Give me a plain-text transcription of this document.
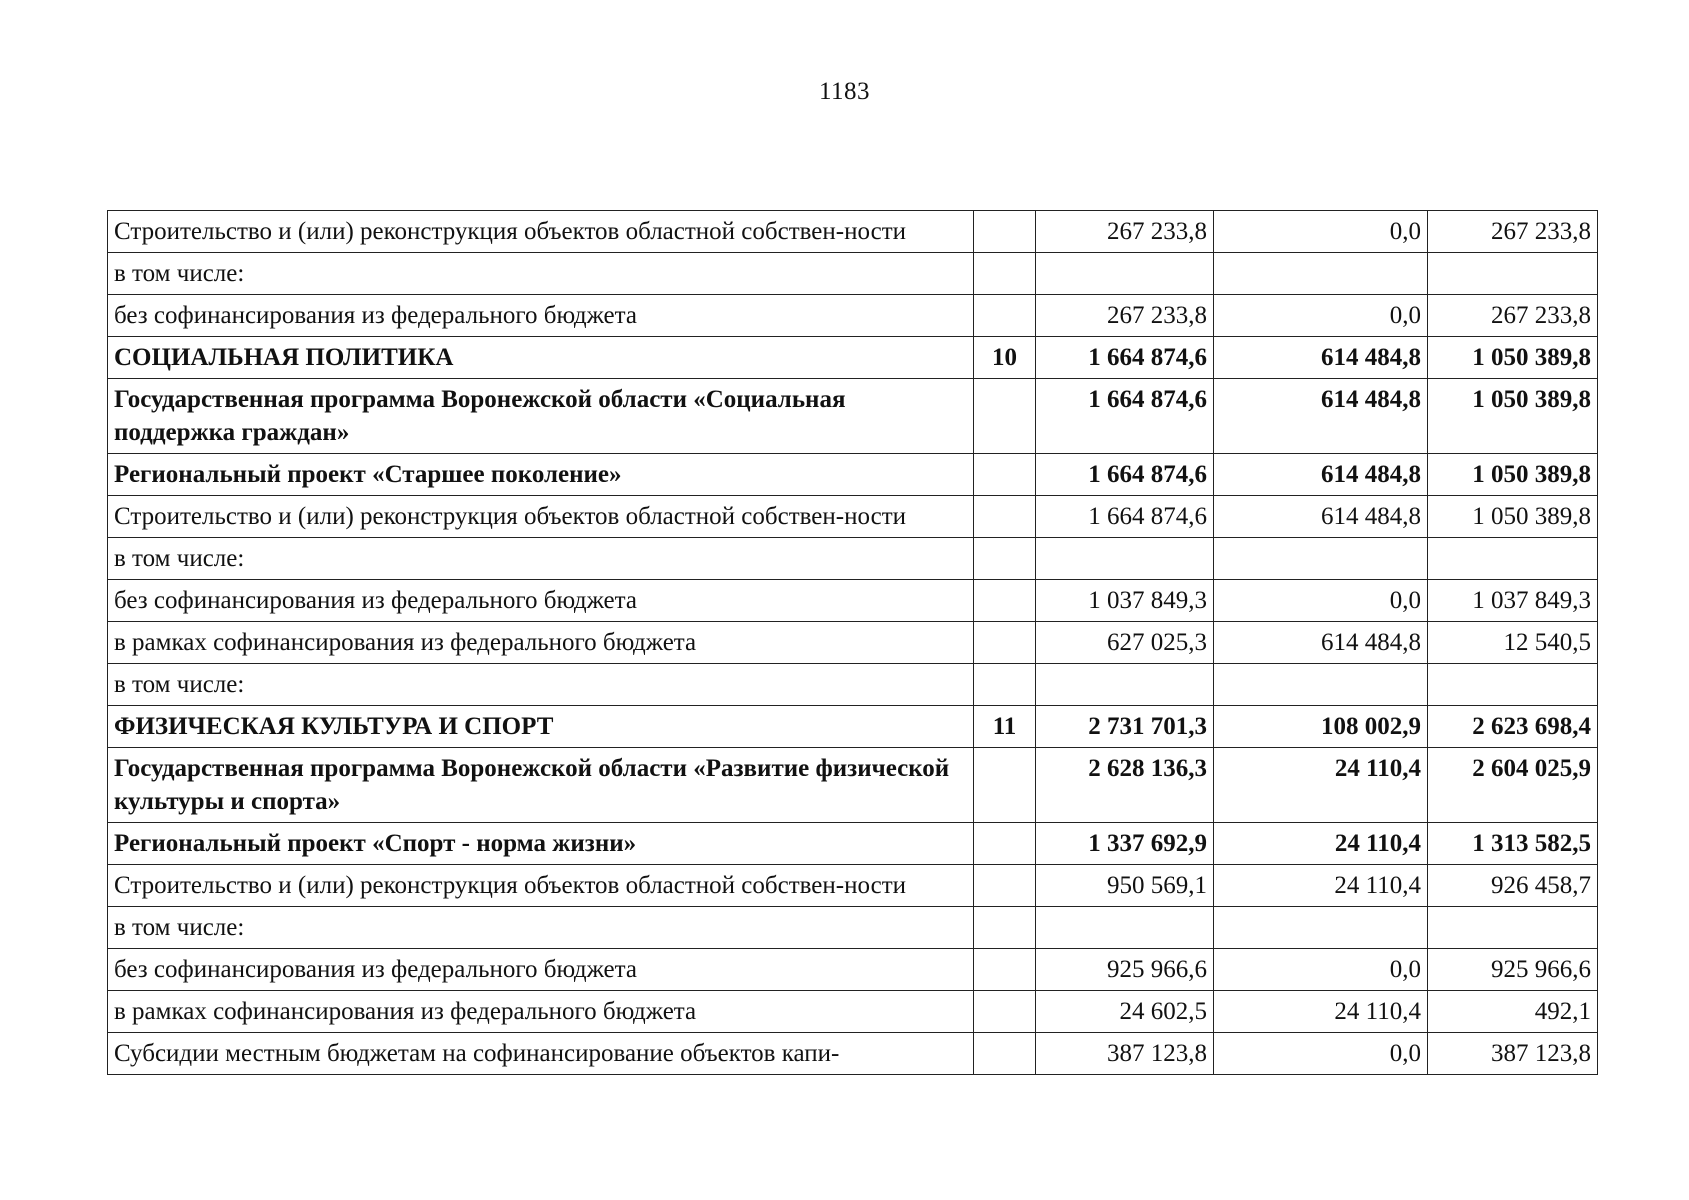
1183
Строительство и (или) реконструкция объектов областной собствен-ности		267 233,8	0,0	267 233,8
в том числе:				
без софинансирования из федерального бюджета		267 233,8	0,0	267 233,8
СОЦИАЛЬНАЯ ПОЛИТИКА	10	1 664 874,6	614 484,8	1 050 389,8
Государственная программа Воронежской области «Социальная поддержка граждан»		1 664 874,6	614 484,8	1 050 389,8
Региональный проект «Старшее поколение»		1 664 874,6	614 484,8	1 050 389,8
Строительство и (или) реконструкция объектов областной собствен-ности		1 664 874,6	614 484,8	1 050 389,8
в том числе:				
без софинансирования из федерального бюджета		1 037 849,3	0,0	1 037 849,3
в рамках софинансирования из федерального бюджета		627 025,3	614 484,8	12 540,5
в том числе:				
ФИЗИЧЕСКАЯ КУЛЬТУРА И СПОРТ	11	2 731 701,3	108 002,9	2 623 698,4
Государственная программа Воронежской области «Развитие физической культуры и спорта»		2 628 136,3	24 110,4	2 604 025,9
Региональный проект «Спорт - норма жизни»		1 337 692,9	24 110,4	1 313 582,5
Строительство и (или) реконструкция объектов областной собствен-ности		950 569,1	24 110,4	926 458,7
в том числе:				
без софинансирования из федерального бюджета		925 966,6	0,0	925 966,6
в рамках софинансирования из федерального бюджета		24 602,5	24 110,4	492,1
Субсидии местным бюджетам на софинансирование объектов капи-		387 123,8	0,0	387 123,8
